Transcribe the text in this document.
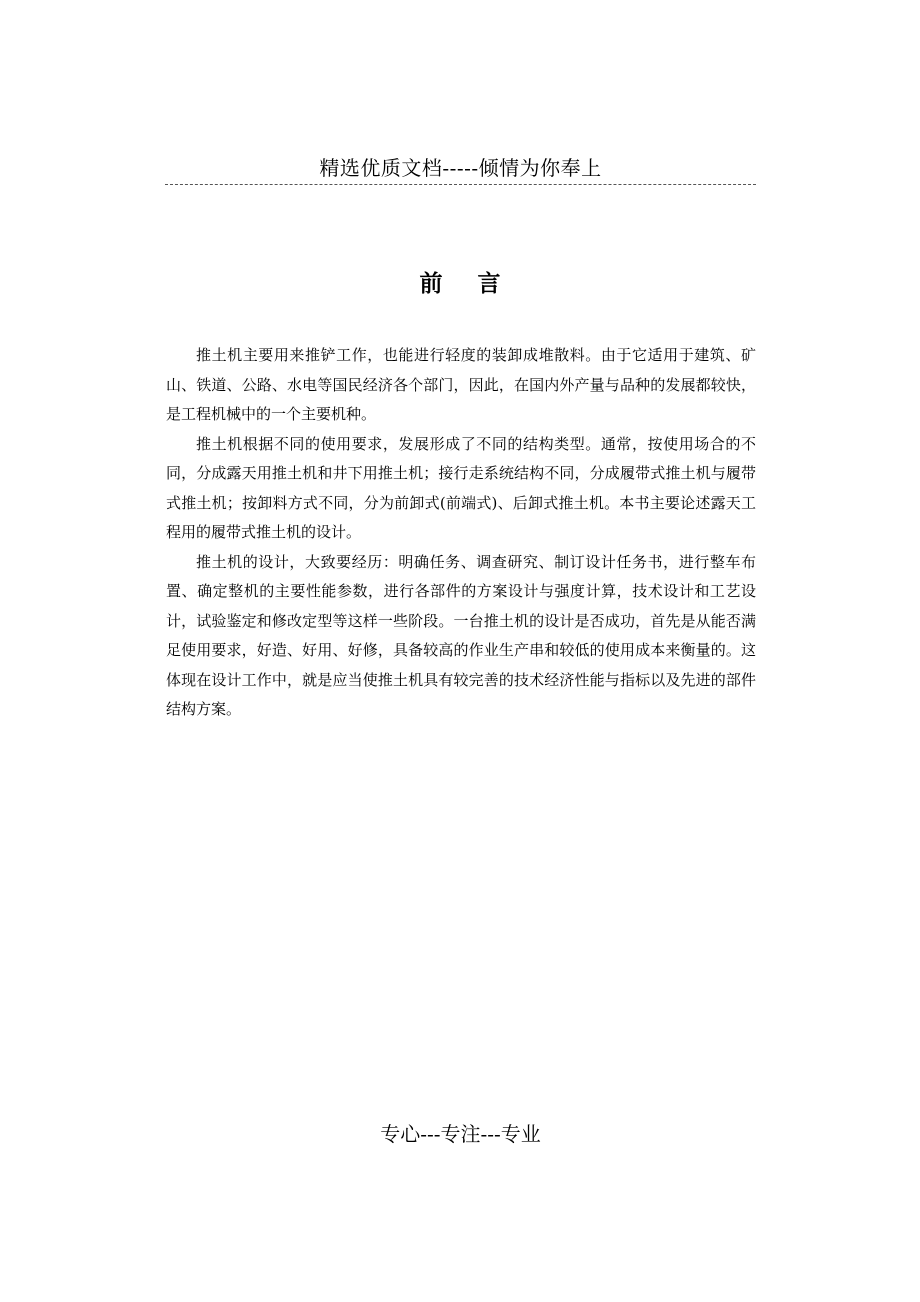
精选优质文档-----倾情为你奉上
前 言

推土机主要用来推铲工作，也能进行轻度的装卸成堆散料。由于它适用于建筑、矿山、铁道、公路、水电等国民经济各个部门，因此，在国内外产量与品种的发展都较快，是工程机械中的一个主要机种。

推土机根据不同的使用要求，发展形成了不同的结构类型。通常，按使用场合的不同，分成露天用推土机和井下用推土机；接行走系统结构不同，分成履带式推土机与履带式推土机；按卸料方式不同，分为前卸式(前端式)、后卸式推土机。本书主要论述露天工程用的履带式推土机的设计。

推土机的设计，大致要经历：明确任务、调查研究、制订设计任务书，进行整车布置、确定整机的主要性能参数，进行各部件的方案设计与强度计算，技术设计和工艺设计，试验鉴定和修改定型等这样一些阶段。一台推土机的设计是否成功，首先是从能否满足使用要求，好造、好用、好修，具备较高的作业生产串和较低的使用成本来衡量的。这体现在设计工作中，就是应当使推土机具有较完善的技术经济性能与指标以及先进的部件结构方案。

专心---专注---专业
